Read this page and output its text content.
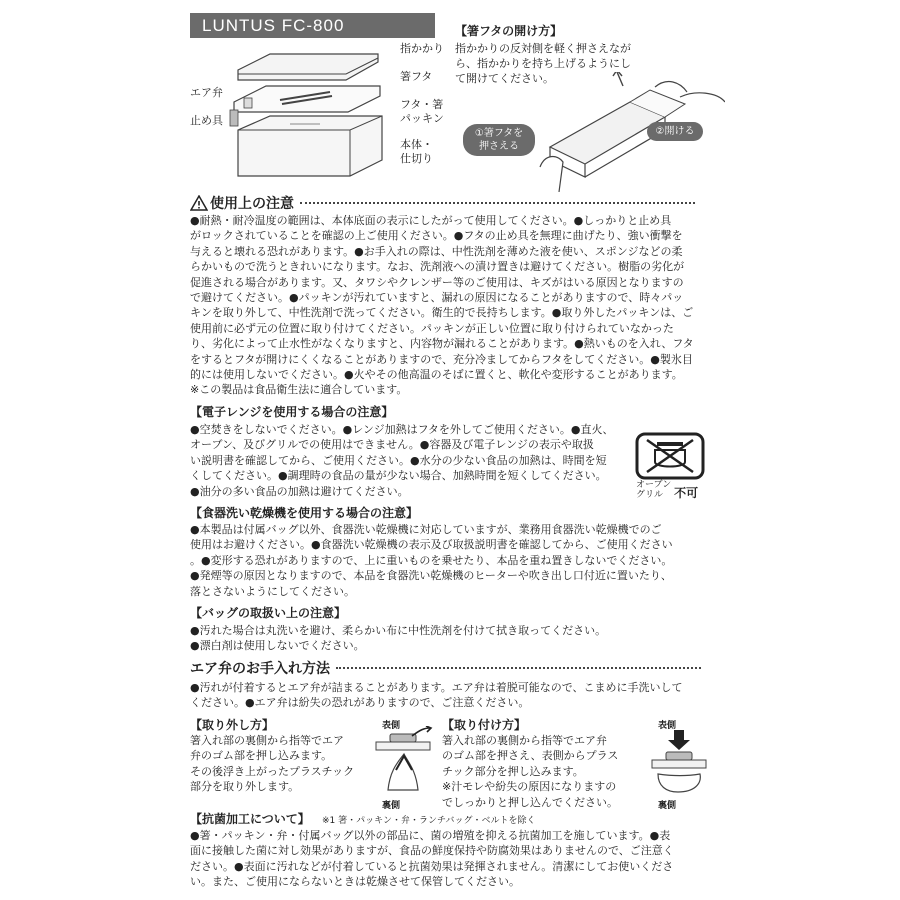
LUNTUS FC-800
指かかり
箸フタ
エア弁
フタ・箸
パッキン
止め具
本体・
仕切り
【箸フタの開け方】
指かかりの反対側を軽く押さえながら、指かかりを持ち上げるようにして開けてください。
①箸フタを
押さえる
②開ける
使用上の注意
●耐熱・耐冷温度の範囲は、本体底面の表示にしたがって使用してください。●しっかりと止め具
がロックされていることを確認の上ご使用ください。●フタの止め具を無理に曲げたり、強い衝撃を
与えると壊れる恐れがあります。●お手入れの際は、中性洗剤を薄めた液を使い、スポンジなどの柔
らかいもので洗うときれいになります。なお、洗剤液への漬け置きは避けてください。樹脂の劣化が
促進される場合があります。又、タワシやクレンザー等のご使用は、キズがはいる原因となりますの
で避けてください。●パッキンが汚れていますと、漏れの原因になることがありますので、時々パッ
キンを取り外して、中性洗剤で洗ってください。衛生的で長持ちします。●取り外したパッキンは、ご
使用前に必ず元の位置に取り付けてください。パッキンが正しい位置に取り付けられていなかった
り、劣化によって止水性がなくなりますと、内容物が漏れることがあります。●熱いものを入れ、フタ
をするとフタが開けにくくなることがありますので、充分冷ましてからフタをしてください。●製氷目
的には使用しないでください。●火やその他高温のそばに置くと、軟化や変形することがあります。
※この製品は食品衛生法に適合しています。
【電子レンジを使用する場合の注意】
●空焚きをしないでください。●レンジ加熱はフタを外してご使用ください。●直火、
オーブン、及びグリルでの使用はできません。●容器及び電子レンジの表示や取扱
い説明書を確認してから、ご使用ください。●水分の少ない食品の加熱は、時間を短
くしてください。●調理時の食品の量が少ない場合、加熱時間を短くしてください。
●油分の多い食品の加熱は避けてください。	オーブン
グリル 不可
【食器洗い乾燥機を使用する場合の注意】
●本製品は付属バッグ以外、食器洗い乾燥機に対応していますが、業務用食器洗い乾燥機でのご
使用はお避けください。●食器洗い乾燥機の表示及び取扱説明書を確認してから、ご使用ください
。●変形する恐れがありますので、上に重いものを乗せたり、本品を重ね置きしないでください。
●発煙等の原因となりますので、本品を食器洗い乾燥機のヒーターや吹き出し口付近に置いたり、
落とさないようにしてください。
【バッグの取扱い上の注意】
●汚れた場合は丸洗いを避け、柔らかい布に中性洗剤を付けて拭き取ってください。
●漂白剤は使用しないでください。
エア弁のお手入れ方法
●汚れが付着するとエア弁が詰まることがあります。エア弁は着脱可能なので、こまめに手洗いして
ください。●エア弁は紛失の恐れがありますので、ご注意ください。
【取り外し方】
箸入れ部の裏側から指等でエア
弁のゴム部を押し込みます。
その後浮き上がったプラスチック
部分を取り外します。
表側
裏側
【取り付け方】
箸入れ部の裏側から指等でエア弁
のゴム部を押さえ、表側からプラス
チック部分を押し込みます。
※汁モレや紛失の原因になりますの
でしっかりと押し込んでください。
表側
裏側
【抗菌加工について】 ※1 箸・パッキン・弁・ランチバッグ・ベルトを除く
●箸・パッキン・弁・付属バッグ以外の部品に、菌の増殖を抑える抗菌加工を施しています。●表
面に接触した菌に対し効果がありますが、食品の鮮度保持や防腐効果はありませんので、ご注意く
ださい。●表面に汚れなどが付着していると抗菌効果は発揮されません。清潔にしてお使いくださ
い。また、ご使用にならないときは乾燥させて保管してください。
